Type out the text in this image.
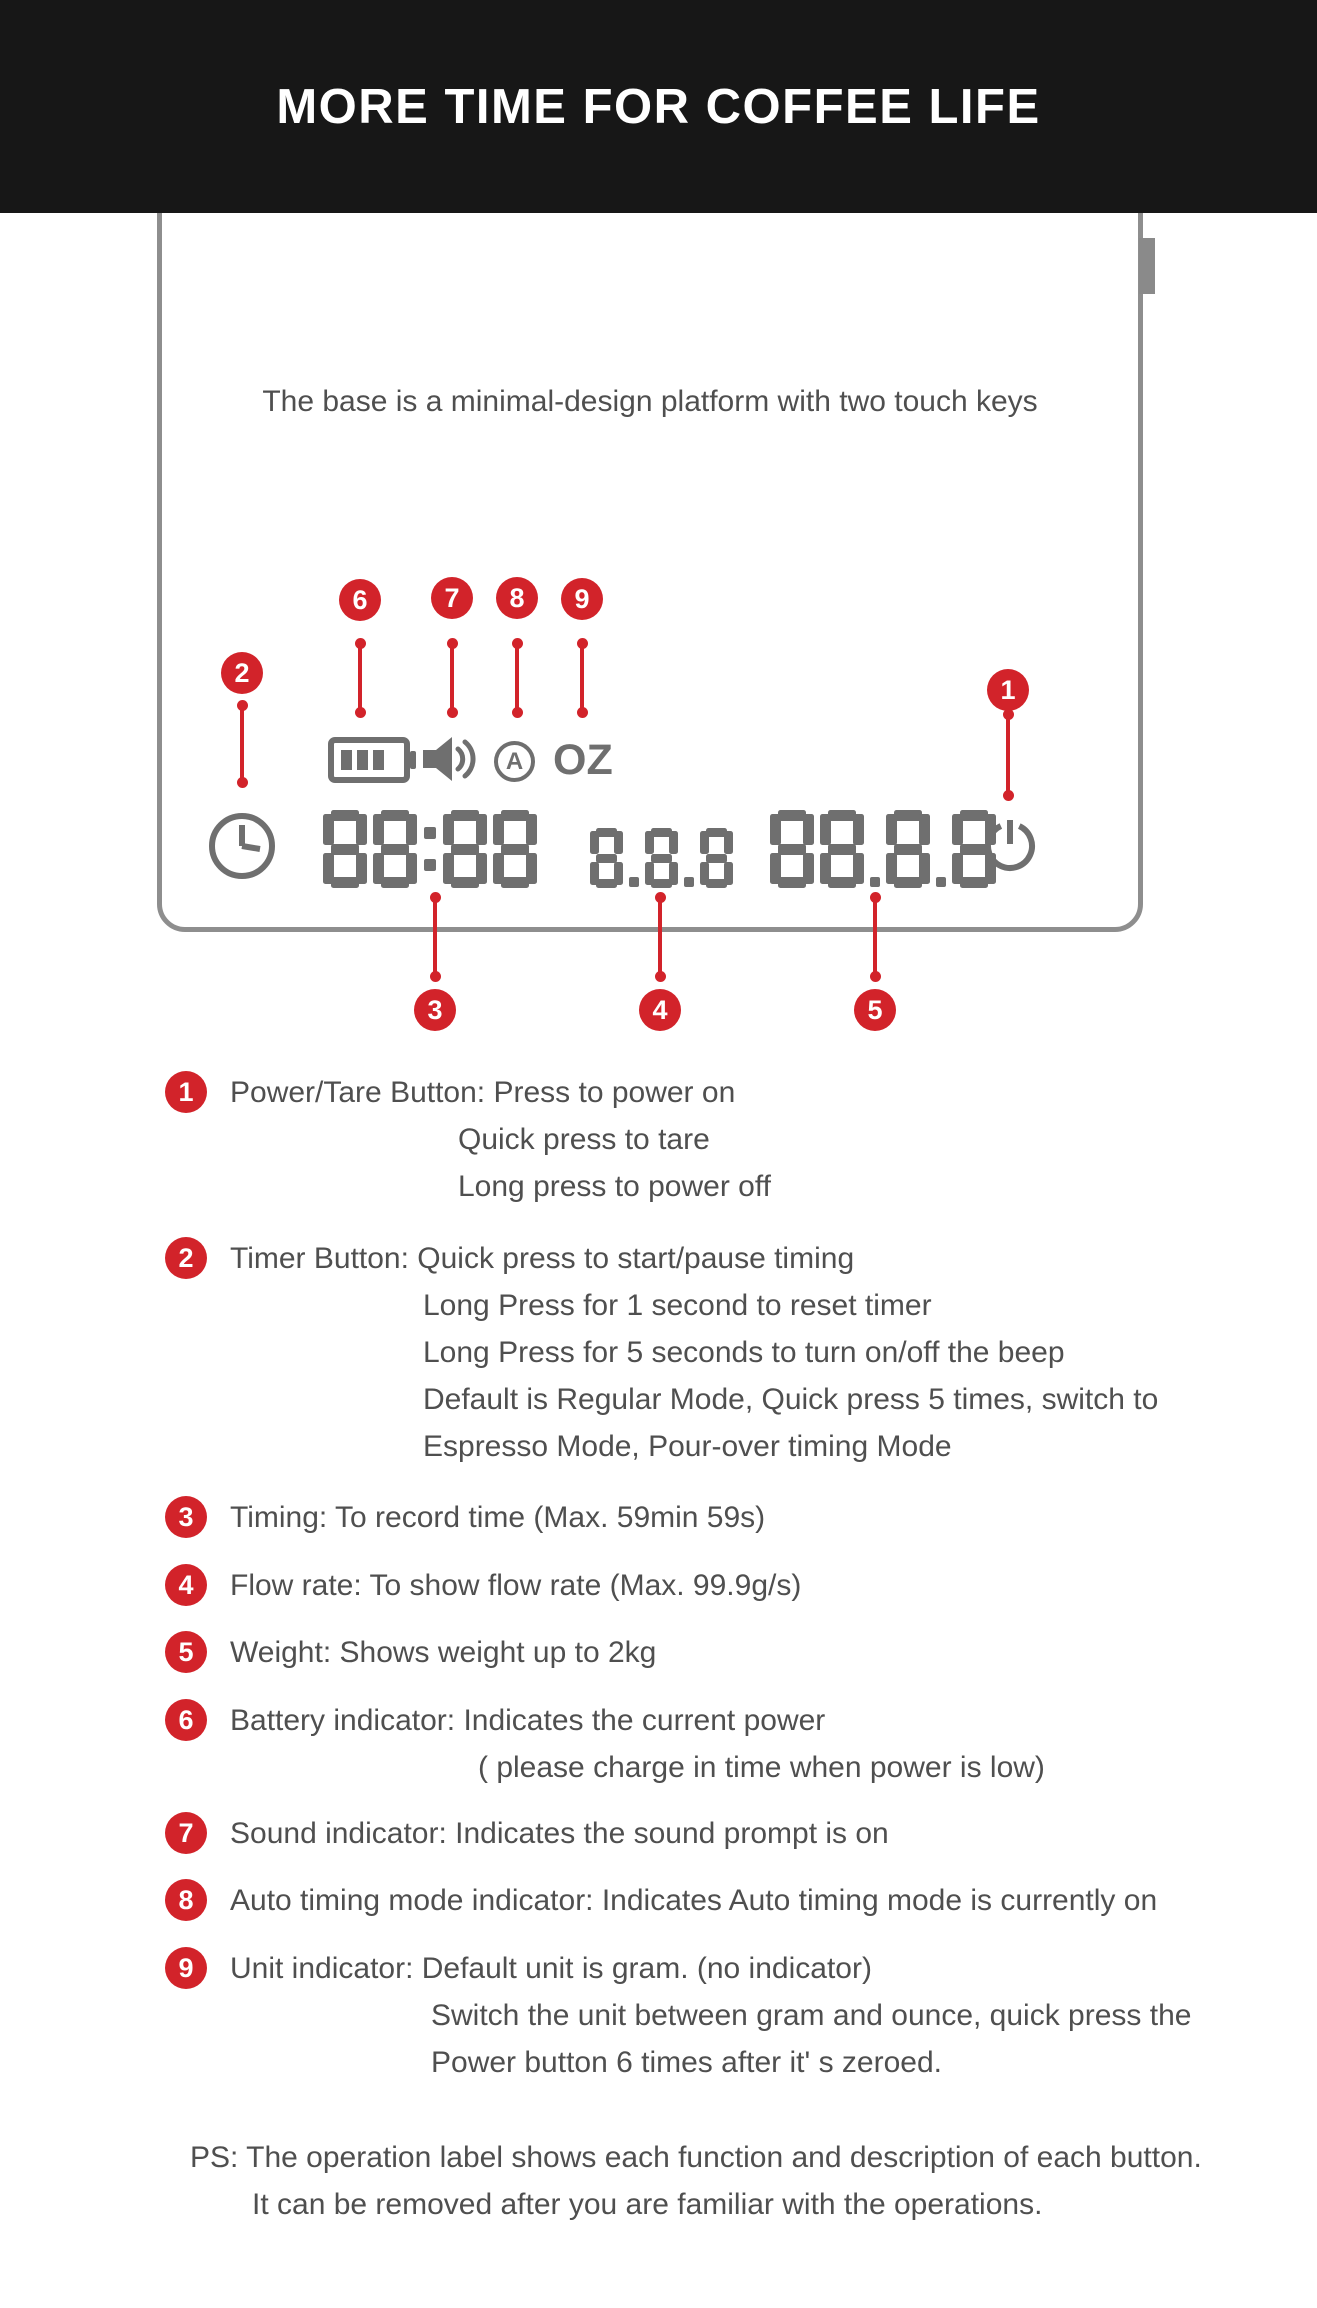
MORE TIME FOR COFFEE LIFE
The base is a minimal-design platform with two touch keys
1
2
3	4	5
6	7	8	9
A OZ
1	Power/Tare Button: Press to power on
Quick press to tare
Long press to power off
2	Timer Button: Quick press to start/pause timing
Long Press for 1 second to reset timer
Long Press for 5 seconds to turn on/off the beep
Default is Regular Mode, Quick press 5 times, switch to
Espresso Mode, Pour-over timing Mode
3	Timing: To record time (Max. 59min 59s)
4	Flow rate: To show flow rate (Max. 99.9g/s)
5	Weight: Shows weight up to 2kg
6	Battery indicator: Indicates the current power
( please charge in time when power is low)
7	Sound indicator: Indicates the sound prompt is on
8	Auto timing mode indicator: Indicates Auto timing mode is currently on
9	Unit indicator: Default unit is gram. (no indicator)
Switch the unit between gram and ounce, quick press the
Power button 6 times after it' s zeroed.
PS: The operation label shows each function and description of each button.
It can be removed after you are familiar with the operations.
